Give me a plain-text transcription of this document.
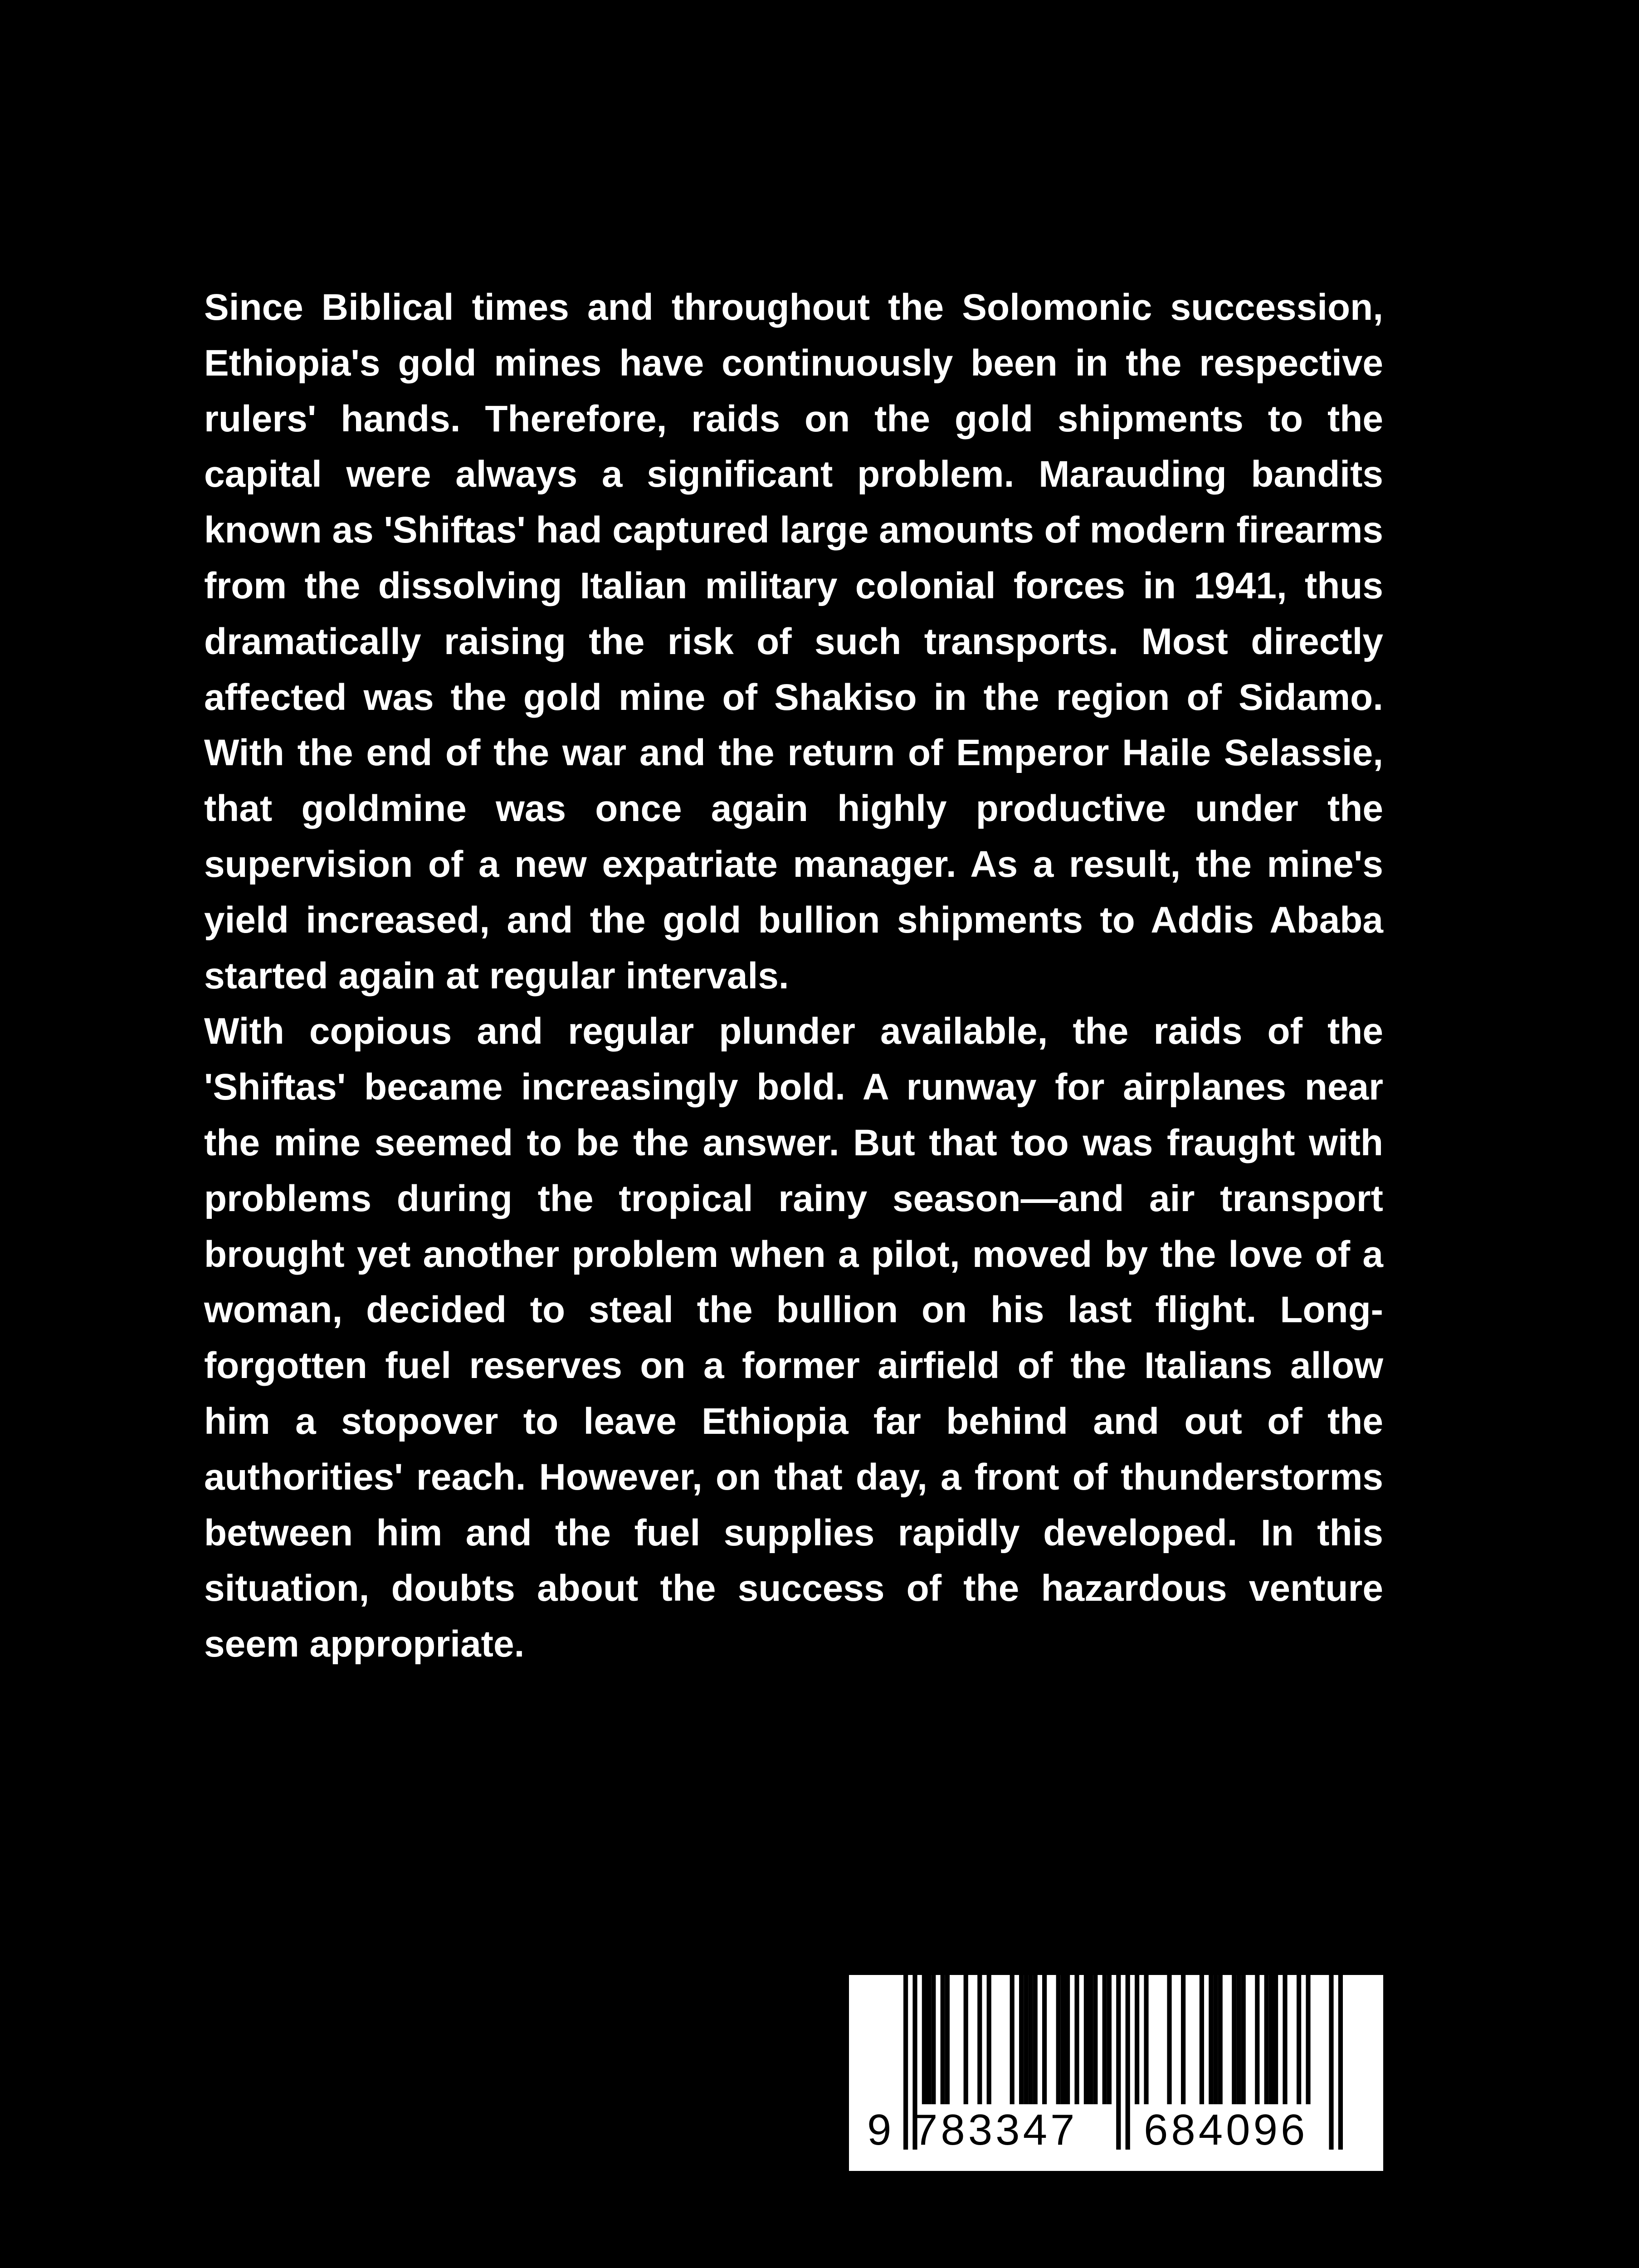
Since Biblical times and throughout the Solomonic succession, Ethiopia's gold mines have continuously been in the respective rulers' hands. Therefore, raids on the gold shipments to the capital were always a significant problem. Marauding bandits known as 'Shiftas' had captured large amounts of modern firearms from the dissolving Italian military colonial forces in 1941, thus dramatically raising the risk of such transports. Most directly affected was the gold mine of Shakiso in the region of Sidamo. With the end of the war and the return of Emperor Haile Selassie, that goldmine was once again highly productive under the supervision of a new expatriate manager. As a result, the mine's yield increased, and the gold bullion shipments to Addis Ababa started again at regular intervals.

With copious and regular plunder available, the raids of the 'Shiftas' became increasingly bold. A runway for airplanes near the mine seemed to be the answer. But that too was fraught with problems during the tropical rainy season—and air transport brought yet another problem when a pilot, moved by the love of a woman, decided to steal the bullion on his last flight. Long-forgotten fuel reserves on a former airfield of the Italians allow him a stopover to leave Ethiopia far behind and out of the authorities' reach. However, on that day, a front of thunderstorms between him and the fuel supplies rapidly developed. In this situation, doubts about the success of the hazardous venture seem appropriate.

9 783347 684096
